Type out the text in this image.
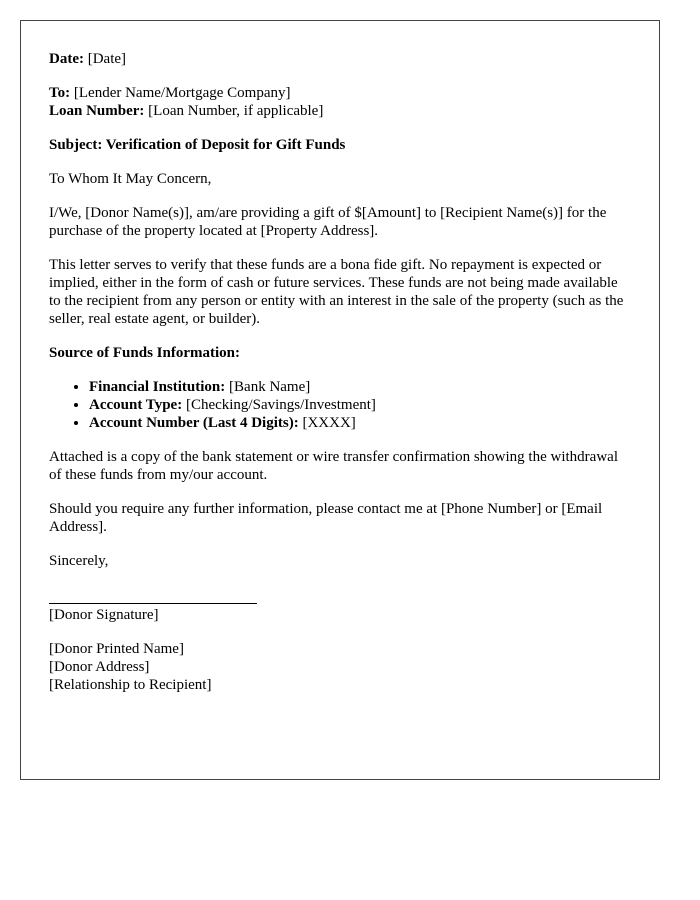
Date: [Date]

To: [Lender Name/Mortgage Company]
Loan Number: [Loan Number, if applicable]

Subject: Verification of Deposit for Gift Funds

To Whom It May Concern,

I/We, [Donor Name(s)], am/are providing a gift of $[Amount] to [Recipient Name(s)] for the purchase of the property located at [Property Address].

This letter serves to verify that these funds are a bona fide gift. No repayment is expected or implied, either in the form of cash or future services. These funds are not being made available to the recipient from any person or entity with an interest in the sale of the property (such as the seller, real estate agent, or builder).

Source of Funds Information:

• Financial Institution: [Bank Name]
• Account Type: [Checking/Savings/Investment]
• Account Number (Last 4 Digits): [XXXX]

Attached is a copy of the bank statement or wire transfer confirmation showing the withdrawal of these funds from my/our account.

Should you require any further information, please contact me at [Phone Number] or [Email Address].

Sincerely,

[Donor Signature]
[Donor Printed Name]
[Donor Address]
[Relationship to Recipient]
